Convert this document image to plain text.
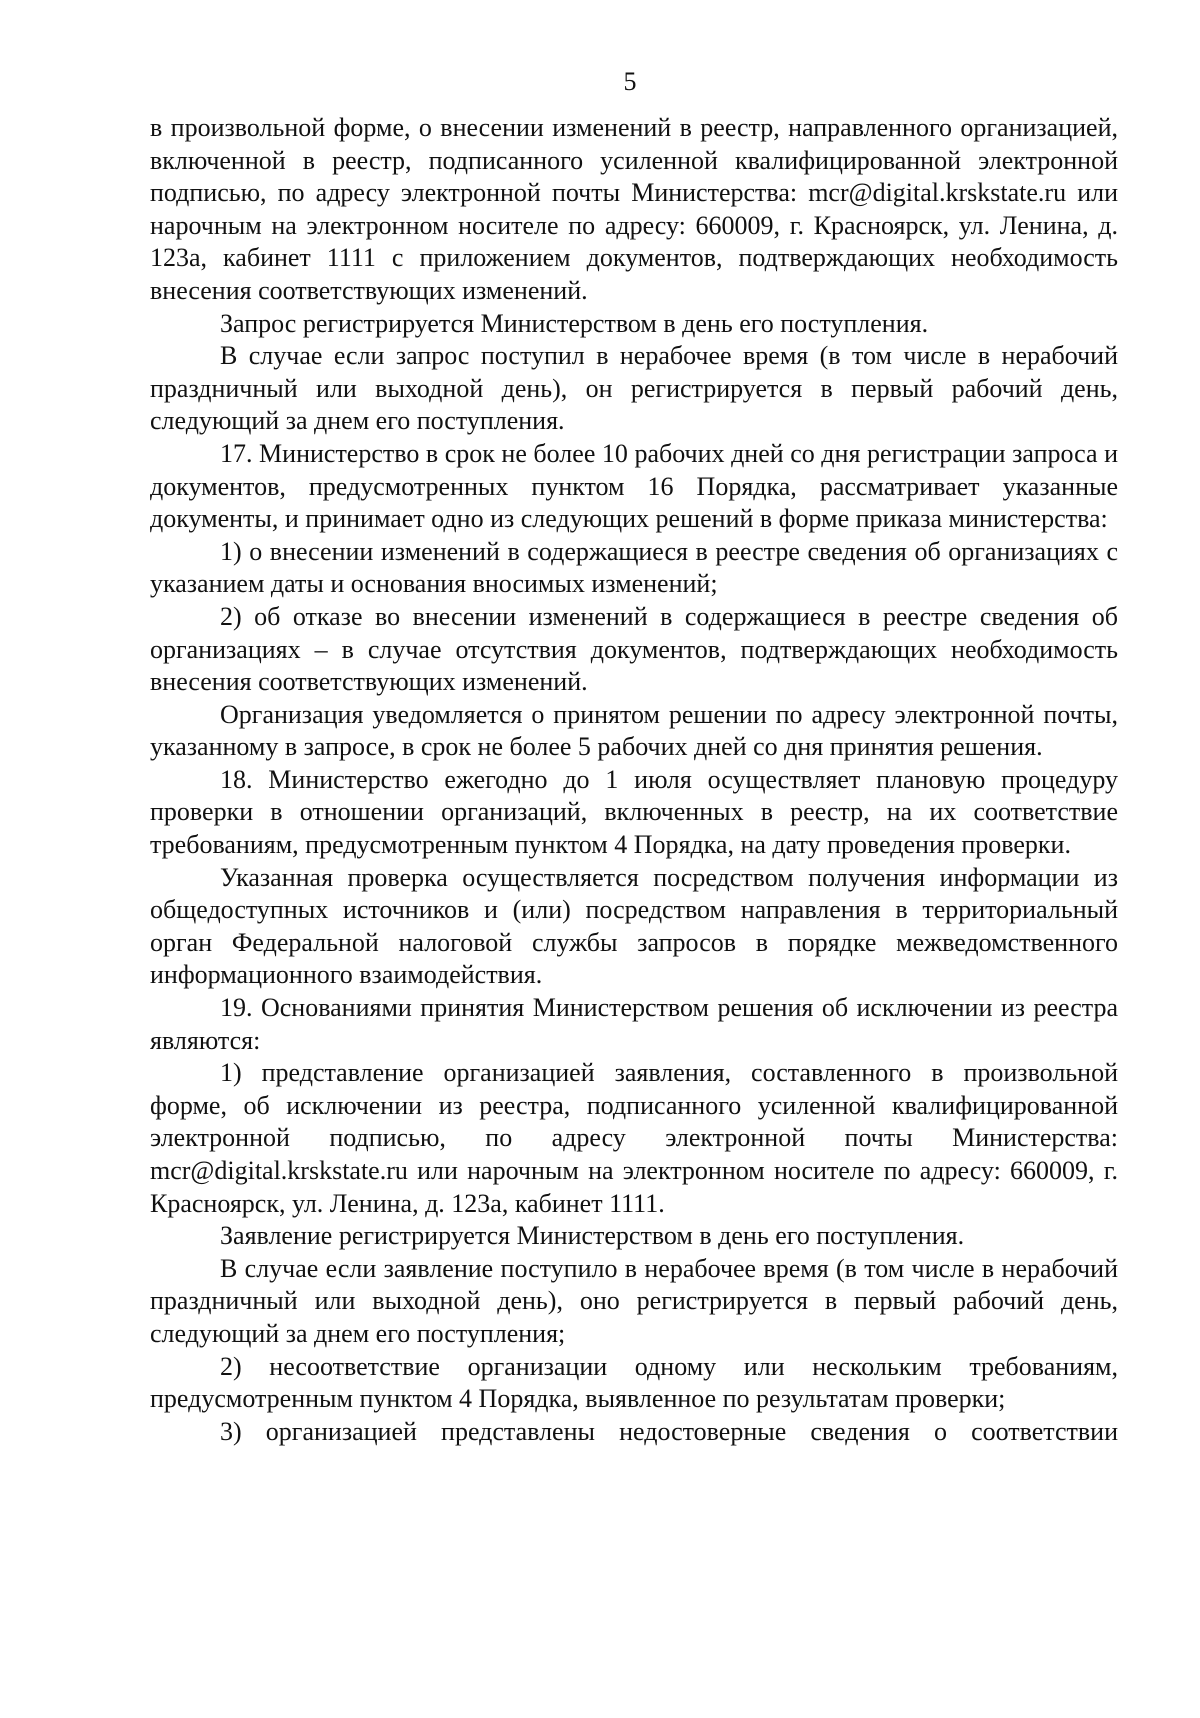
5

в произвольной форме, о внесении изменений в реестр, направленного организацией, включенной в реестр, подписанного усиленной квалифицированной электронной подписью, по адресу электронной почты Министерства: mcr@digital.krskstate.ru или нарочным на электронном носителе по адресу: 660009, г. Красноярск, ул. Ленина, д. 123а, кабинет 1111 с приложением документов, подтверждающих необходимость внесения соответствующих изменений.

Запрос регистрируется Министерством в день его поступления.

В случае если запрос поступил в нерабочее время (в том числе в нерабочий праздничный или выходной день), он регистрируется в первый рабочий день, следующий за днем его поступления.

17. Министерство в срок не более 10 рабочих дней со дня регистрации запроса и документов, предусмотренных пунктом 16 Порядка, рассматривает указанные документы, и принимает одно из следующих решений в форме приказа министерства:

1) о внесении изменений в содержащиеся в реестре сведения об организациях с указанием даты и основания вносимых изменений;

2) об отказе во внесении изменений в содержащиеся в реестре сведения об организациях – в случае отсутствия документов, подтверждающих необходимость внесения соответствующих изменений.

Организация уведомляется о принятом решении по адресу электронной почты, указанному в запросе, в срок не более 5 рабочих дней со дня принятия решения.

18. Министерство ежегодно до 1 июля осуществляет плановую процедуру проверки в отношении организаций, включенных в реестр, на их соответствие требованиям, предусмотренным пунктом 4 Порядка, на дату проведения проверки.

Указанная проверка осуществляется посредством получения информации из общедоступных источников и (или) посредством направления в территориальный орган Федеральной налоговой службы запросов в порядке межведомственного информационного взаимодействия.

19. Основаниями принятия Министерством решения об исключении из реестра являются:

1) представление организацией заявления, составленного в произвольной форме, об исключении из реестра, подписанного усиленной квалифицированной электронной подписью, по адресу электронной почты Министерства: mcr@digital.krskstate.ru или нарочным на электронном носителе по адресу: 660009, г. Красноярск, ул. Ленина, д. 123а, кабинет 1111.

Заявление регистрируется Министерством в день его поступления.

В случае если заявление поступило в нерабочее время (в том числе в нерабочий праздничный или выходной день), оно регистрируется в первый рабочий день, следующий за днем его поступления;

2) несоответствие организации одному или нескольким требованиям, предусмотренным пунктом 4 Порядка, выявленное по результатам проверки;

3) организацией представлены недостоверные сведения о соответствии
